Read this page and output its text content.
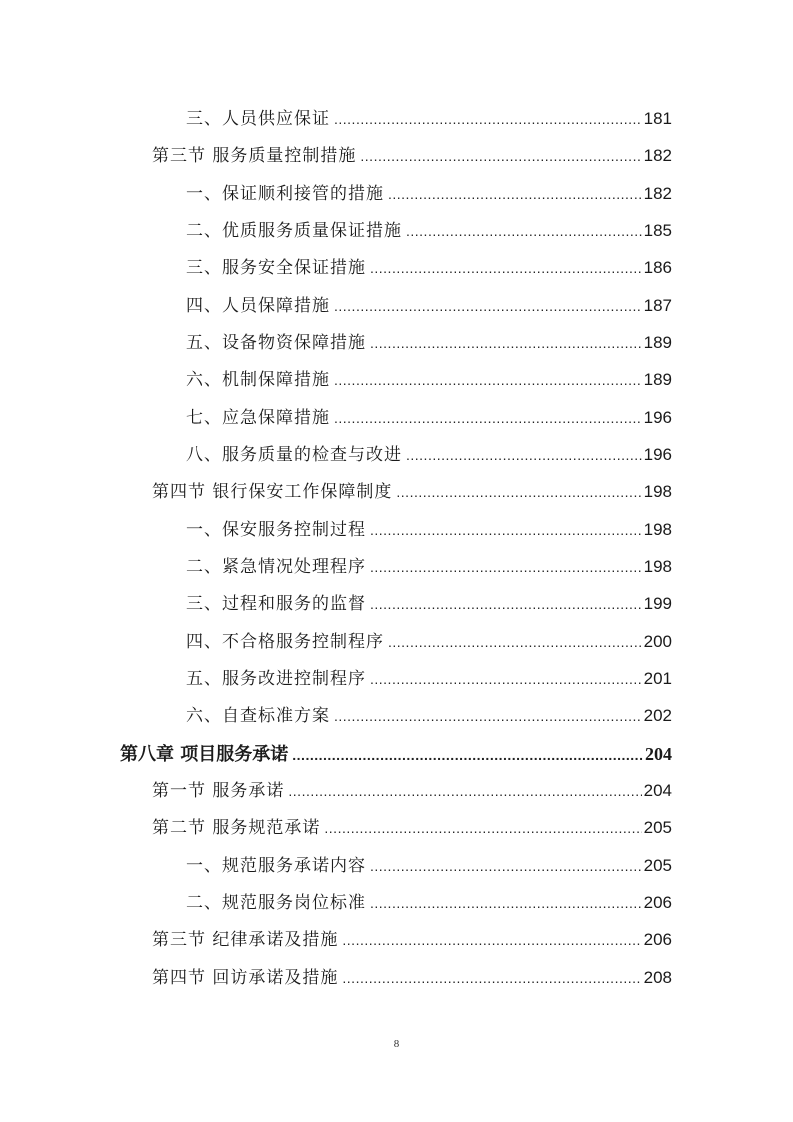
三、人员供应保证 .....	181
第三节 服务质量控制措施 .....	182
一、保证顺利接管的措施 .....	182
二、优质服务质量保证措施 .....	185
三、服务安全保证措施 .....	186
四、人员保障措施 .....	187
五、设备物资保障措施 .....	189
六、机制保障措施 .....	189
七、应急保障措施 .....	196
八、服务质量的检查与改进 .....	196
第四节 银行保安工作保障制度 .....	198
一、保安服务控制过程 .....	198
二、紧急情况处理程序 .....	198
三、过程和服务的监督 .....	199
四、不合格服务控制程序 .....	200
五、服务改进控制程序 .....	201
六、自查标准方案 .....	202
第八章 项目服务承诺 .....	204
第一节 服务承诺 .....	204
第二节 服务规范承诺 .....	205
一、规范服务承诺内容 .....	205
二、规范服务岗位标准 .....	206
第三节 纪律承诺及措施 .....	206
第四节 回访承诺及措施 .....	208
8
